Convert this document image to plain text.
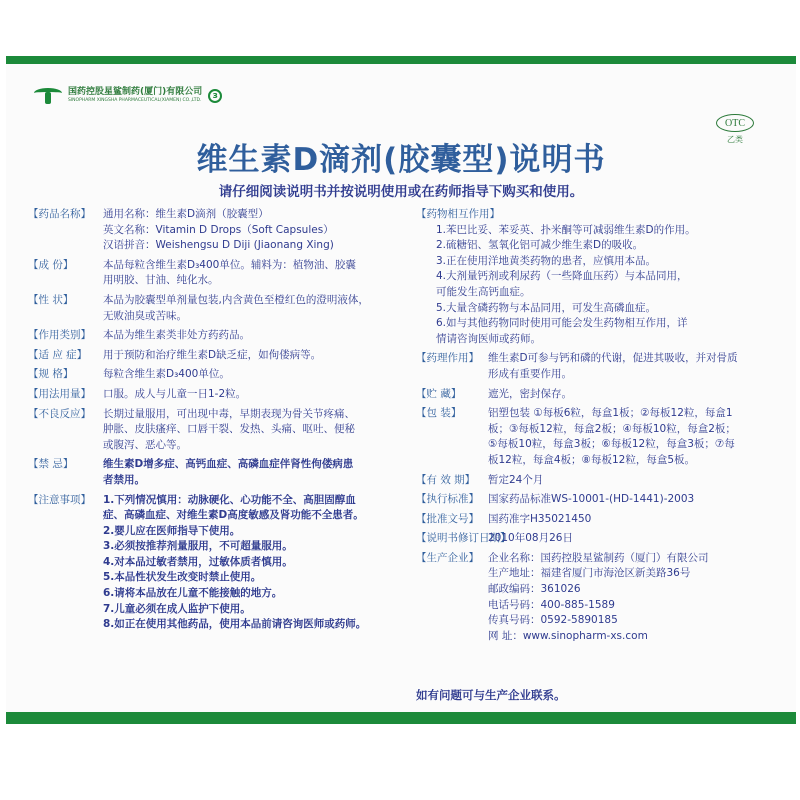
国药控股星鲨制药(厦门)有限公司
SINOPHARM XINGSHA PHARMACEUTICAL(XIAMEN) CO.,LTD.	з
OTC
乙类
维生素D滴剂(胶囊型)说明书
请仔细阅读说明书并按说明使用或在药师指导下购买和使用。
【药品名称】	通用名称：维生素D滴剂（胶囊型）
英文名称：Vitamin D Drops（Soft Capsules）
汉语拼音：Weishengsu D Diji (Jiaonang Xing)
【成 份】	本品每粒含维生素D₃400单位。辅料为：植物油、胶囊
用明胶、甘油、纯化水。
【性 状】	本品为胶囊型单剂量包装,内含黄色至橙红色的澄明液体，
无败油臭或苦味。
【作用类别】	本品为维生素类非处方药药品。
【适 应 症】	用于预防和治疗维生素D缺乏症，如佝偻病等。
【规 格】	每粒含维生素D₃400单位。
【用法用量】	口服。成人与儿童一日1-2粒。
【不良反应】	长期过量服用，可出现中毒，早期表现为骨关节疼痛、
肿胀、皮肤瘙痒、口唇干裂、发热、头痛、呕吐、便秘
或腹泻、恶心等。
【禁 忌】	维生素D增多症、高钙血症、高磷血症伴肾性佝偻病患
者禁用。
【注意事项】	1.下列情况慎用：动脉硬化、心功能不全、高胆固醇血
症、高磷血症、对维生素D高度敏感及肾功能不全患者。
2.婴儿应在医师指导下使用。
3.必须按推荐剂量服用，不可超量服用。
4.对本品过敏者禁用，过敏体质者慎用。
5.本品性状发生改变时禁止使用。
6.请将本品放在儿童不能接触的地方。
7.儿童必须在成人监护下使用。
8.如正在使用其他药品，使用本品前请咨询医师或药师。
【药物相互作用】
1.苯巴比妥、苯妥英、扑米酮等可减弱维生素D的作用。
2.硫糖铝、氢氧化铝可减少维生素D的吸收。
3.正在使用洋地黄类药物的患者，应慎用本品。
4.大剂量钙剂或利尿药（一些降血压药）与本品同用，
可能发生高钙血症。
5.大量含磷药物与本品同用，可发生高磷血症。
6.如与其他药物同时使用可能会发生药物相互作用，详
情请咨询医师或药师。
【药理作用】 维生素D可参与钙和磷的代谢，促进其吸收，并对骨质
形成有重要作用。
【贮 藏】	遮光，密封保存。
【包 装】	铝塑包装 ①每板6粒，每盒1板；②每板12粒，每盒1
板；③每板12粒，每盒2板；④每板10粒，每盒2板；
⑤每板10粒，每盒3板；⑥每板12粒，每盒3板；⑦每
板12粒，每盒4板；⑧每板12粒，每盒5板。
【有 效 期】	暂定24个月
【执行标准】 国家药品标准WS-10001-(HD-1441)-2003
【批准文号】 国药准字H35021450
【说明书修订日期】
2010年08月26日
【生产企业】 企业名称：国药控股星鲨制药（厦门）有限公司
生产地址：福建省厦门市海沧区新美路36号
邮政编码：361026
电话号码：400-885-1589
传真号码：0592-5890185
网 址：www.sinopharm-xs.com
如有问题可与生产企业联系。
